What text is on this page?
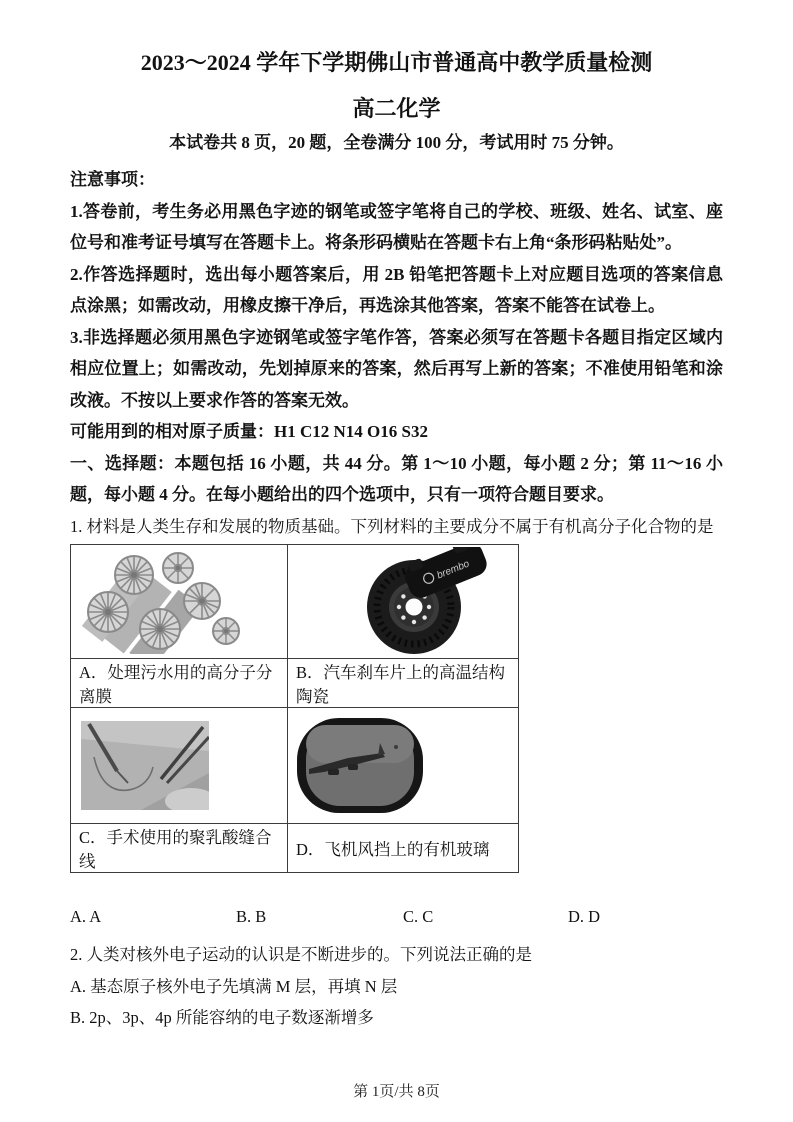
2023～2024 学年下学期佛山市普通高中教学质量检测

高二化学

本试卷共 8 页，20 题，全卷满分 100 分，考试用时 75 分钟。

注意事项：

1.答卷前，考生务必用黑色字迹的钢笔或签字笔将自己的学校、班级、姓名、试室、座位号和准考证号填写在答题卡上。将条形码横贴在答题卡右上角“条形码粘贴处”。

2.作答选择题时，选出每小题答案后，用 2B 铅笔把答题卡上对应题目选项的答案信息点涂黑；如需改动，用橡皮擦干净后，再选涂其他答案，答案不能答在试卷上。

3.非选择题必须用黑色字迹钢笔或签字笔作答，答案必须写在答题卡各题目指定区域内相应位置上；如需改动，先划掉原来的答案，然后再写上新的答案；不准使用铅笔和涂改液。不按以上要求作答的答案无效。

可能用到的相对原子质量：H1 C12 N14 O16 S32

一、选择题：本题包括 16 小题，共 44 分。第 1～10 小题，每小题 2 分；第 11～16 小题，每小题 4 分。在每小题给出的四个选项中，只有一项符合题目要求。

1. 材料是人类生存和发展的物质基础。下列材料的主要成分不属于有机高分子化合物的是

brembo

A．处理污水用的高分子分离膜	B．汽车刹车片上的高温结构陶瓷

C．手术使用的聚乳酸缝合线	D．飞机风挡上的有机玻璃
A. A	B. B	C. C	D. D

2. 人类对核外电子运动的认识是不断进步的。下列说法正确的是

A. 基态原子核外电子先填满 M 层，再填 N 层

B. 2p、3p、4p 所能容纳的电子数逐渐增多

第 1页/共 8页
